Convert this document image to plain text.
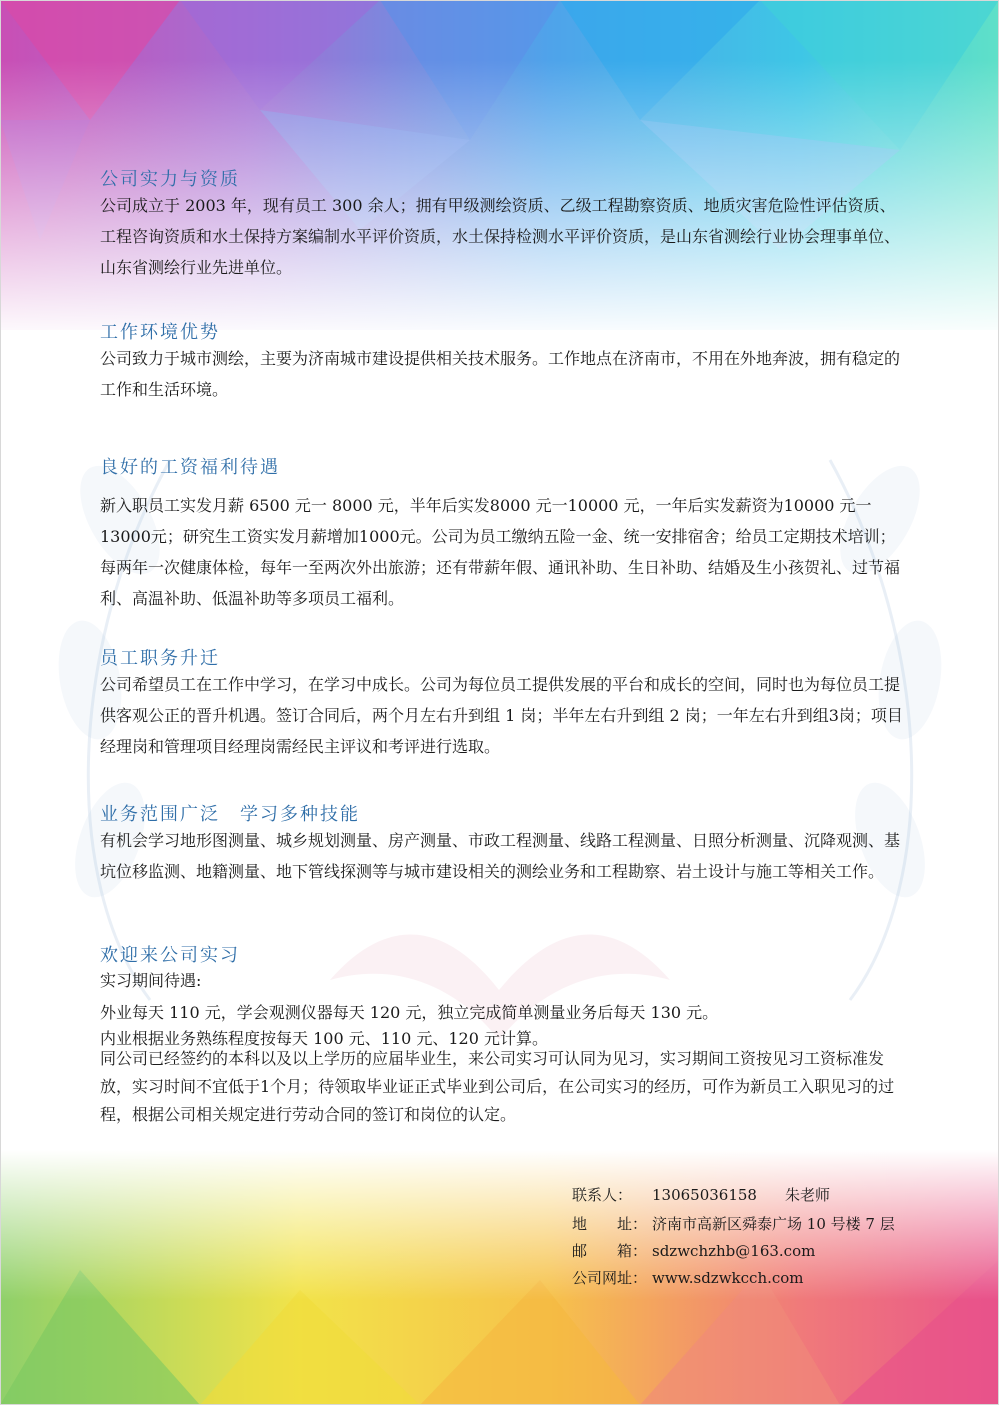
公司实力与资质

公司成立于 2003 年，现有员工 300 余人；拥有甲级测绘资质、乙级工程勘察资质、地质灾害危险性评估资质、工程咨询资质和水土保持方案编制水平评价资质，水土保持检测水平评价资质，是山东省测绘行业协会理事单位、山东省测绘行业先进单位。

工作环境优势

公司致力于城市测绘，主要为济南城市建设提供相关技术服务。工作地点在济南市，不用在外地奔波，拥有稳定的工作和生活环境。

良好的工资福利待遇

新入职员工实发月薪 6500 元一 8000 元，半年后实发8000 元一10000 元，一年后实发薪资为10000 元一13000元；研究生工资实发月薪增加1000元。公司为员工缴纳五险一金、统一安排宿舍；给员工定期技术培训；每两年一次健康体检，每年一至两次外出旅游；还有带薪年假、通讯补助、生日补助、结婚及生小孩贺礼、过节福利、高温补助、低温补助等多项员工福利。

员工职务升迁

公司希望员工在工作中学习，在学习中成长。公司为每位员工提供发展的平台和成长的空间，同时也为每位员工提供客观公正的晋升机遇。签订合同后，两个月左右升到组 1 岗；半年左右升到组 2 岗；一年左右升到组3岗；项目经理岗和管理项目经理岗需经民主评议和考评进行选取。

业务范围广泛　学习多种技能

有机会学习地形图测量、城乡规划测量、房产测量、市政工程测量、线路工程测量、日照分析测量、沉降观测、基坑位移监测、地籍测量、地下管线探测等与城市建设相关的测绘业务和工程勘察、岩土设计与施工等相关工作。

欢迎来公司实习

实习期间待遇:

外业每天 110 元，学会观测仪器每天 120 元，独立完成简单测量业务后每天 130 元。

内业根据业务熟练程度按每天 100 元、110 元、120 元计算。

同公司已经签约的本科以及以上学历的应届毕业生，来公司实习可认同为见习，实习期间工资按见习工资标准发放，实习时间不宜低于1个月；待领取毕业证正式毕业到公司后，在公司实习的经历，可作为新员工入职见习的过程，根据公司相关规定进行劳动合同的签订和岗位的认定。

联系人： 13065036158 朱老师
地　　址： 济南市高新区舜泰广场 10 号楼 7 层
邮　　箱： sdzwchzhb@163.com
公司网址： www.sdzwkcch.com
